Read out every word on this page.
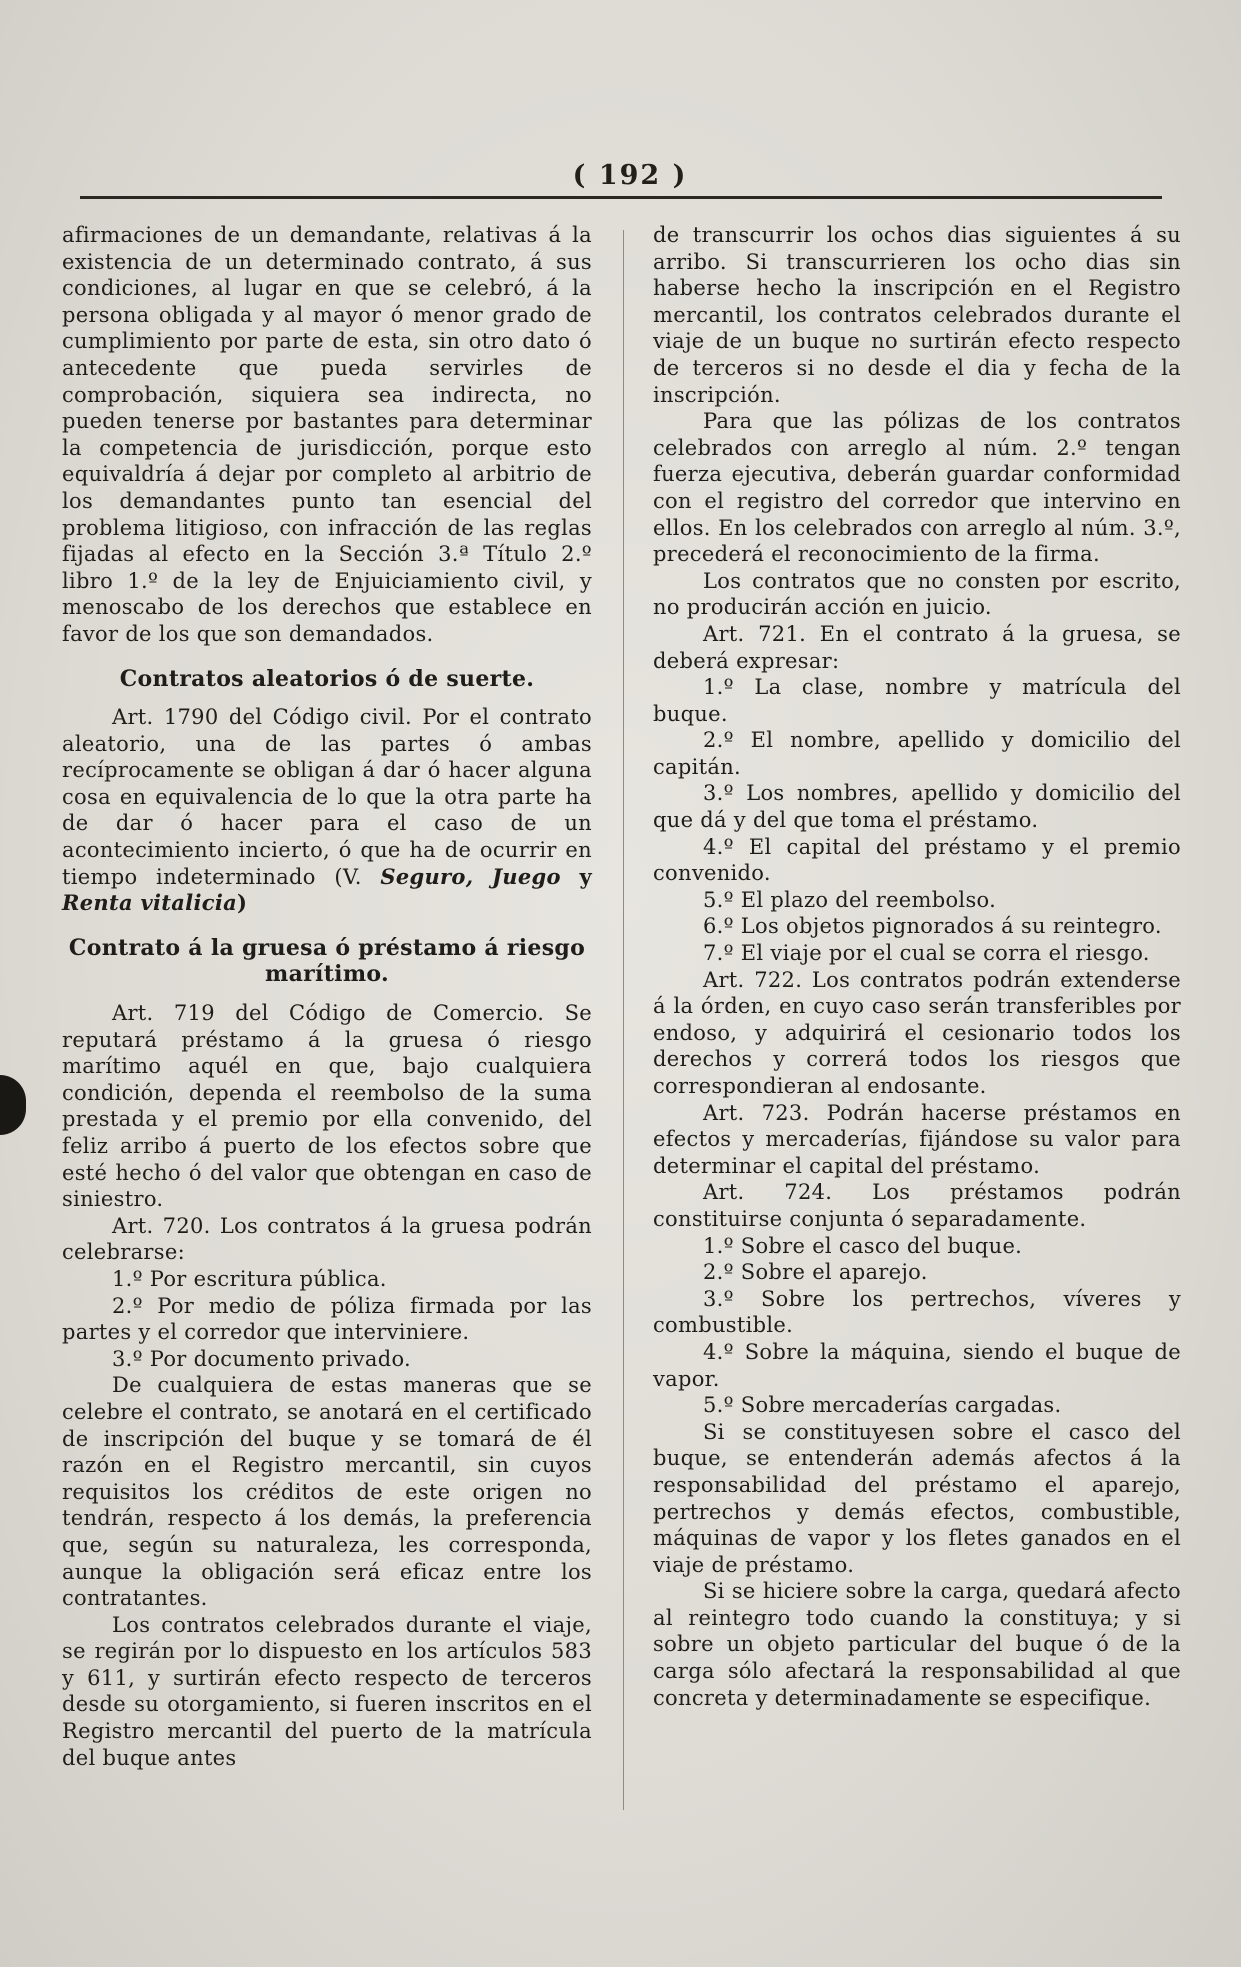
( 192 )

afirmaciones de un demandante, relativas á la existencia de un determinado contrato, á sus condiciones, al lugar en que se celebró, á la persona obligada y al mayor ó menor grado de cumplimiento por parte de esta, sin otro dato ó antecedente que pueda servirles de comprobación, siquiera sea indirecta, no pueden tenerse por bastantes para determinar la competencia de jurisdicción, porque esto equivaldría á dejar por completo al arbitrio de los demandantes punto tan esencial del problema litigioso, con infracción de las reglas fijadas al efecto en la Sección 3.ª Título 2.º libro 1.º de la ley de Enjuiciamiento civil, y menoscabo de los derechos que establece en favor de los que son demandados.

Contratos aleatorios ó de suerte.

Art. 1790 del Código civil. Por el contrato aleatorio, una de las partes ó ambas recíprocamente se obligan á dar ó hacer alguna cosa en equivalencia de lo que la otra parte ha de dar ó hacer para el caso de un acontecimiento incierto, ó que ha de ocurrir en tiempo indeterminado (V. Seguro, Juego y Renta vitalicia)

Contrato á la gruesa ó préstamo á riesgo marítimo.

Art. 719 del Código de Comercio. Se reputará préstamo á la gruesa ó riesgo marítimo aquél en que, bajo cualquiera condición, dependa el reembolso de la suma prestada y el premio por ella convenido, del feliz arribo á puerto de los efectos sobre que esté hecho ó del valor que obtengan en caso de siniestro.

Art. 720. Los contratos á la gruesa podrán celebrarse:

1.º Por escritura pública.

2.º Por medio de póliza firmada por las partes y el corredor que interviniere.

3.º Por documento privado.

De cualquiera de estas maneras que se celebre el contrato, se anotará en el certificado de inscripción del buque y se tomará de él razón en el Registro mercantil, sin cuyos requisitos los créditos de este origen no tendrán, respecto á los demás, la preferencia que, según su naturaleza, les corresponda, aunque la obligación será eficaz entre los contratantes.

Los contratos celebrados durante el viaje, se regirán por lo dispuesto en los artículos 583 y 611, y surtirán efecto respecto de terceros desde su otorgamiento, si fueren inscritos en el Registro mercantil del puerto de la matrícula del buque antes

de transcurrir los ochos dias siguientes á su arribo. Si transcurrieren los ocho dias sin haberse hecho la inscripción en el Registro mercantil, los contratos celebrados durante el viaje de un buque no surtirán efecto respecto de terceros si no desde el dia y fecha de la inscripción.

Para que las pólizas de los contratos celebrados con arreglo al núm. 2.º tengan fuerza ejecutiva, deberán guardar conformidad con el registro del corredor que intervino en ellos. En los celebrados con arreglo al núm. 3.º, precederá el reconocimiento de la firma.

Los contratos que no consten por escrito, no producirán acción en juicio.

Art. 721. En el contrato á la gruesa, se deberá expresar:

1.º La clase, nombre y matrícula del buque.

2.º El nombre, apellido y domicilio del capitán.

3.º Los nombres, apellido y domicilio del que dá y del que toma el préstamo.

4.º El capital del préstamo y el premio convenido.

5.º El plazo del reembolso.

6.º Los objetos pignorados á su reintegro.

7.º El viaje por el cual se corra el riesgo.

Art. 722. Los contratos podrán extenderse á la órden, en cuyo caso serán transferibles por endoso, y adquirirá el cesionario todos los derechos y correrá todos los riesgos que correspondieran al endosante.

Art. 723. Podrán hacerse préstamos en efectos y mercaderías, fijándose su valor para determinar el capital del préstamo.

Art. 724. Los préstamos podrán constituirse conjunta ó separadamente.

1.º Sobre el casco del buque.

2.º Sobre el aparejo.

3.º Sobre los pertrechos, víveres y combustible.

4.º Sobre la máquina, siendo el buque de vapor.

5.º Sobre mercaderías cargadas.

Si se constituyesen sobre el casco del buque, se entenderán además afectos á la responsabilidad del préstamo el aparejo, pertrechos y demás efectos, combustible, máquinas de vapor y los fletes ganados en el viaje de préstamo.

Si se hiciere sobre la carga, quedará afecto al reintegro todo cuando la constituya; y si sobre un objeto particular del buque ó de la carga sólo afectará la responsabilidad al que concreta y determinadamente se especifique.
